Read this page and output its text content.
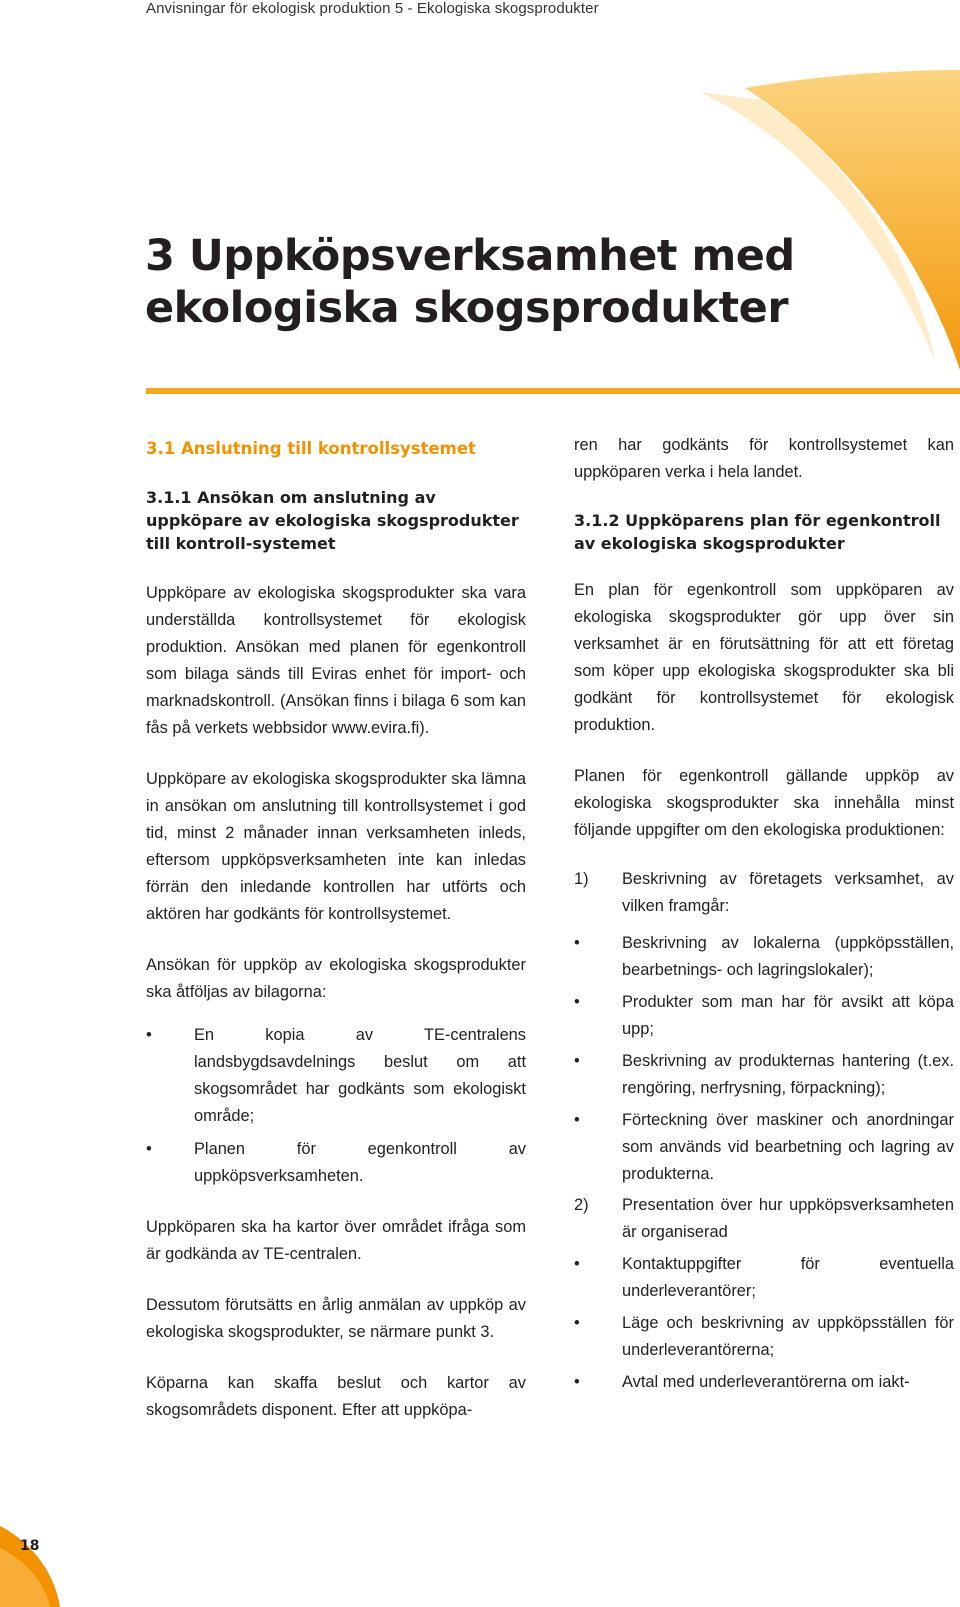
Anvisningar för ekologisk produktion 5 - Ekologiska skogsprodukter
3 Uppköpsverksamhet med
ekologiska skogsprodukter
3.1 Anslutning till kontrollsystemet
3.1.1 Ansökan om anslutning av uppköpare av ekologiska skogsprodukter till kontroll-systemet

Uppköpare av ekologiska skogsprodukter ska vara underställda kontrollsystemet för ekologisk produktion. Ansökan med planen för egenkontroll som bilaga sänds till Eviras enhet för import- och marknadskontroll. (Ansökan finns i bilaga 6 som kan fås på verkets webbsidor www.evira.fi).

Uppköpare av ekologiska skogsprodukter ska lämna in ansökan om anslutning till kontrollsystemet i god tid, minst 2 månader innan verksamheten inleds, eftersom uppköpsverksamheten inte kan inledas förrän den inledande kontrollen har utförts och aktören har godkänts för kontrollsystemet.

Ansökan för uppköp av ekologiska skogsprodukter ska åtföljas av bilagorna:

•	En kopia av TE-centralens landsbygdsavdelnings beslut om att skogsområdet har godkänts som ekologiskt område;
•	Planen för egenkontroll av uppköpsverksamheten.

Uppköparen ska ha kartor över området ifråga som är godkända av TE-centralen.

Dessutom förutsätts en årlig anmälan av uppköp av ekologiska skogsprodukter, se närmare punkt 3.

Köparna kan skaffa beslut och kartor av skogsområdets disponent. Efter att uppköpa-

ren har godkänts för kontrollsystemet kan uppköparen verka i hela landet.

3.1.2 Uppköparens plan för egenkontroll av ekologiska skogsprodukter

En plan för egenkontroll som uppköparen av ekologiska skogsprodukter gör upp över sin verksamhet är en förutsättning för att ett företag som köper upp ekologiska skogsprodukter ska bli godkänt för kontrollsystemet för ekologisk produktion.

Planen för egenkontroll gällande uppköp av ekologiska skogsprodukter ska innehålla minst följande uppgifter om den ekologiska produktionen:

1)	Beskrivning av företagets verksamhet, av vilken framgår:
•	Beskrivning av lokalerna (uppköpsställen, bearbetnings- och lagringslokaler);
•	Produkter som man har för avsikt att köpa upp;
•	Beskrivning av produkternas hantering (t.ex. rengöring, nerfrysning, förpackning);
•	Förteckning över maskiner och anordningar som används vid bearbetning och lagring av produkterna.
2)	Presentation över hur uppköpsverksamheten är organiserad
•	Kontaktuppgifter för eventuella underleverantörer;
•	Läge och beskrivning av uppköpsställen för underleverantörerna;
•	Avtal med underleverantörerna om iakt-
18
